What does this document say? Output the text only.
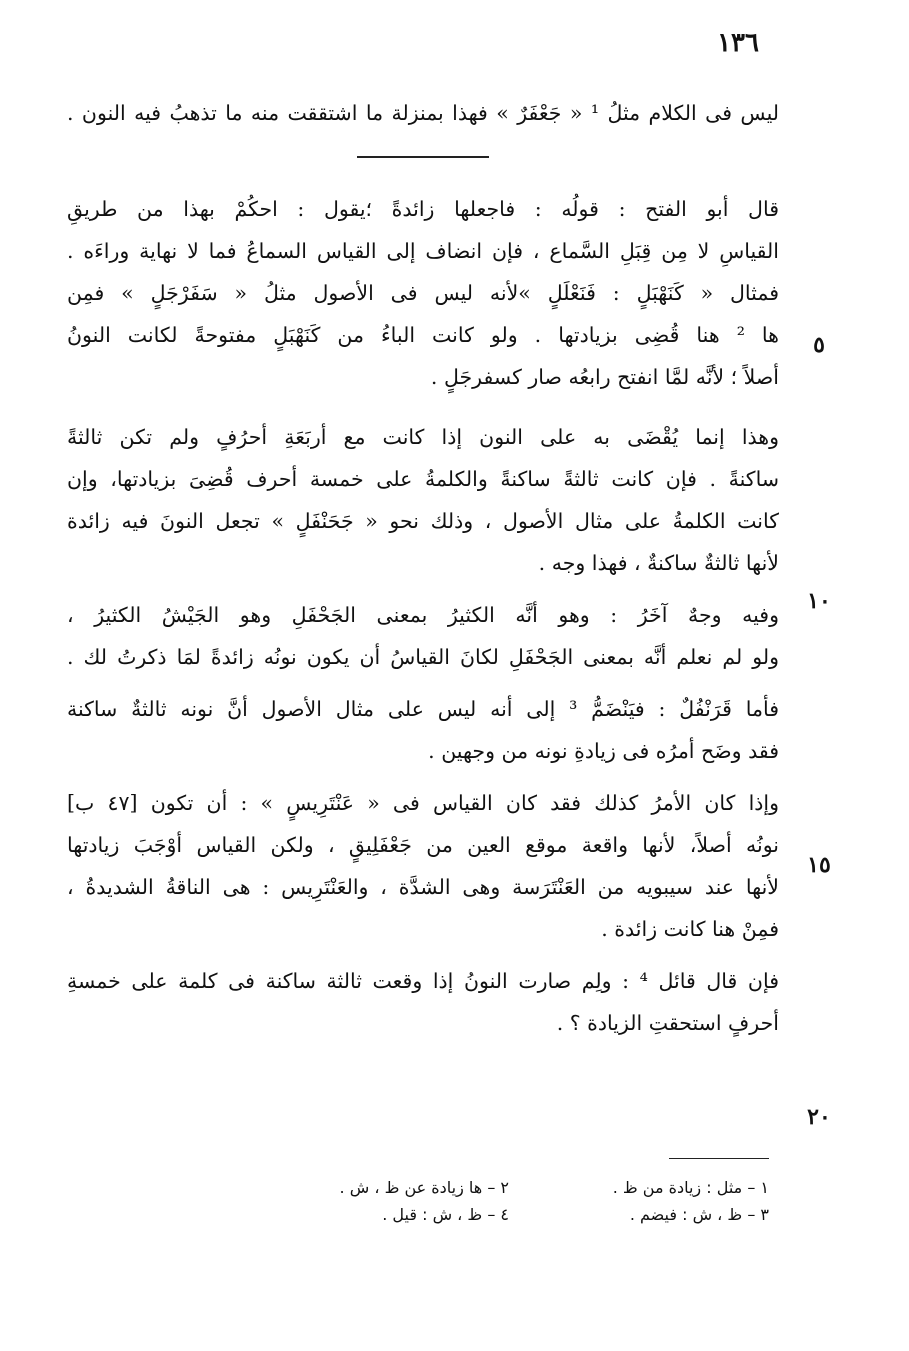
١٣٦
ليس فى الكلام مثلُ ¹ « جَعْفَرٌ » فهذا بمنزلة ما اشتققت منه ما تذهبُ فيه النون .
قال أبو الفتح : قولُه : فاجعلها زائدةً ؛يقول : احكُمْ بهذا من طريقِ
القياسِ لا مِن قِبَلِ السَّماع ، فإن انضاف إلى القياس السماعُ فما لا نهاية وراءَه .
فمثال « كَنَهْبَلٍ : فَنَعْلَلٍ »لأنه ليس فى الأصول مثلُ « سَفَرْجَلٍ » فمِن
ها ² هنا قُضِى بزيادتها . ولو كانت الباءُ من كَنَهْبَلٍ مفتوحةً لكانت النونُ
أصلاً ؛ لأنَّه لمَّا انفتح رابعُه صار كسفرجَلٍ .
وهذا إنما يُقْضَى به على النون إذا كانت مع أربَعَةِ أحرُفٍ ولم تكن ثالثةً
ساكنةً . فإن كانت ثالثةً ساكنةً والكلمةُ على خمسة أحرف قُضِىَ بزيادتها، وإن
كانت الكلمةُ على مثال الأصول ، وذلك نحو « جَحَنْفَلٍ » تجعل النونَ فيه زائدة
لأنها ثالثةٌ ساكنةٌ ، فهذا وجه .
وفيه وجهٌ آخَرُ : وهو أنَّه الكثيرُ بمعنى الجَحْفَلِ وهو الجَيْشُ الكثيرُ ،
ولو لم نعلم أنَّه بمعنى الجَحْفَلِ لكانَ القياسُ أن يكون نونُه زائدةً لمَا ذكرتُ لك .
فأما قَرَنْفُلٌ : فيَنْضَمُّ ³ إلى أنه ليس على مثال الأصول أنَّ نونه ثالثةٌ ساكنة
فقد وضَح أمرُه فى زيادةِ نونه من وجهين .
وإذا كان الأمرُ كذلك فقد كان القياس فى « عَنْتَرِيسٍ » : أن تكون [٤٧ ب]
نونُه أصلاً، لأنها واقعة موقع العين من جَعْفَلِيقٍ ، ولكن القياس أوْجَبَ زيادتها
لأنها عند سيبويه من العَنْتَرَسة وهى الشدَّة ، والعَنْتَرِيس : هى الناقةُ الشديدةُ ،
فمِنْ هنا كانت زائدة .
فإن قال قائل ⁴ : ولِم صارت النونُ إذا وقعت ثالثة ساكنة فى كلمة على خمسةِ
أحرفٍ استحقتِ الزيادة ؟ .
٥
١٠
١٥
٢٠
١ – مثل : زيادة من ظ .
٢ – ها زيادة عن ظ ، ش .
٣ – ظ ، ش : فيضم .
٤ – ظ ، ش : قيل .
